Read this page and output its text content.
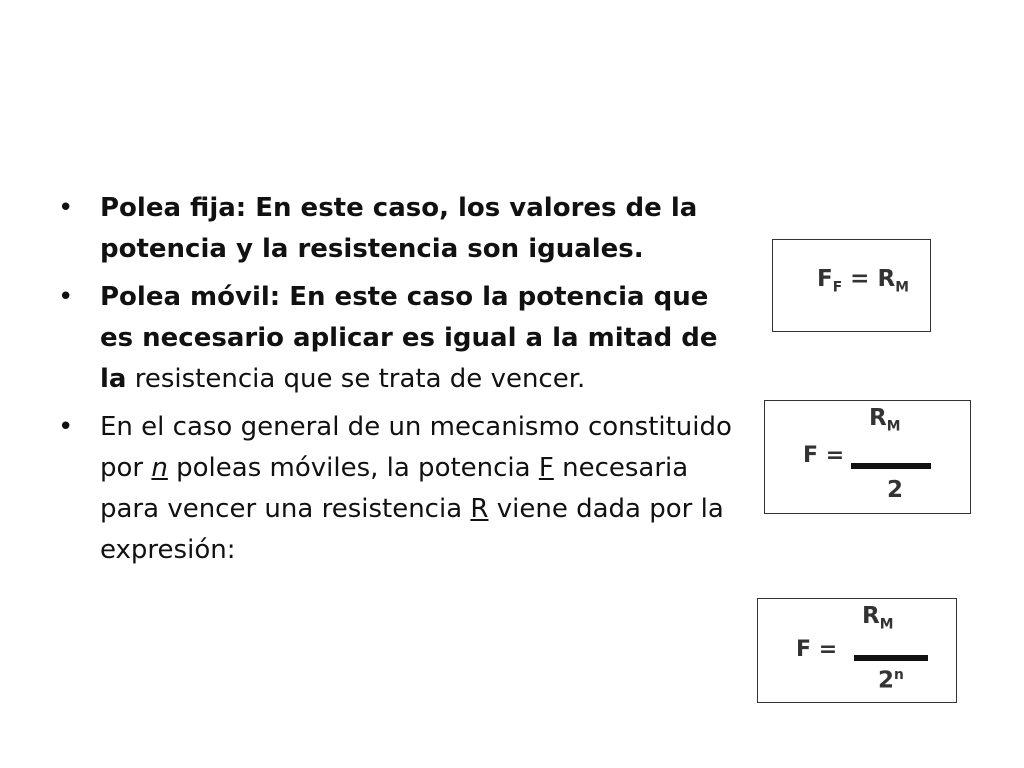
• Polea fija: En este caso, los valores de la potencia y la resistencia son iguales.
• Polea móvil: En este caso la potencia que es necesario aplicar es igual a la mitad de la resistencia que se trata de vencer.
• En el caso general de un mecanismo constituido por n poleas móviles, la potencia F necesaria para vencer una resistencia R viene dada por la expresión:
$F_F = R_M$
$R_M$
F =
2
$R_M$
F =
$2^n$
